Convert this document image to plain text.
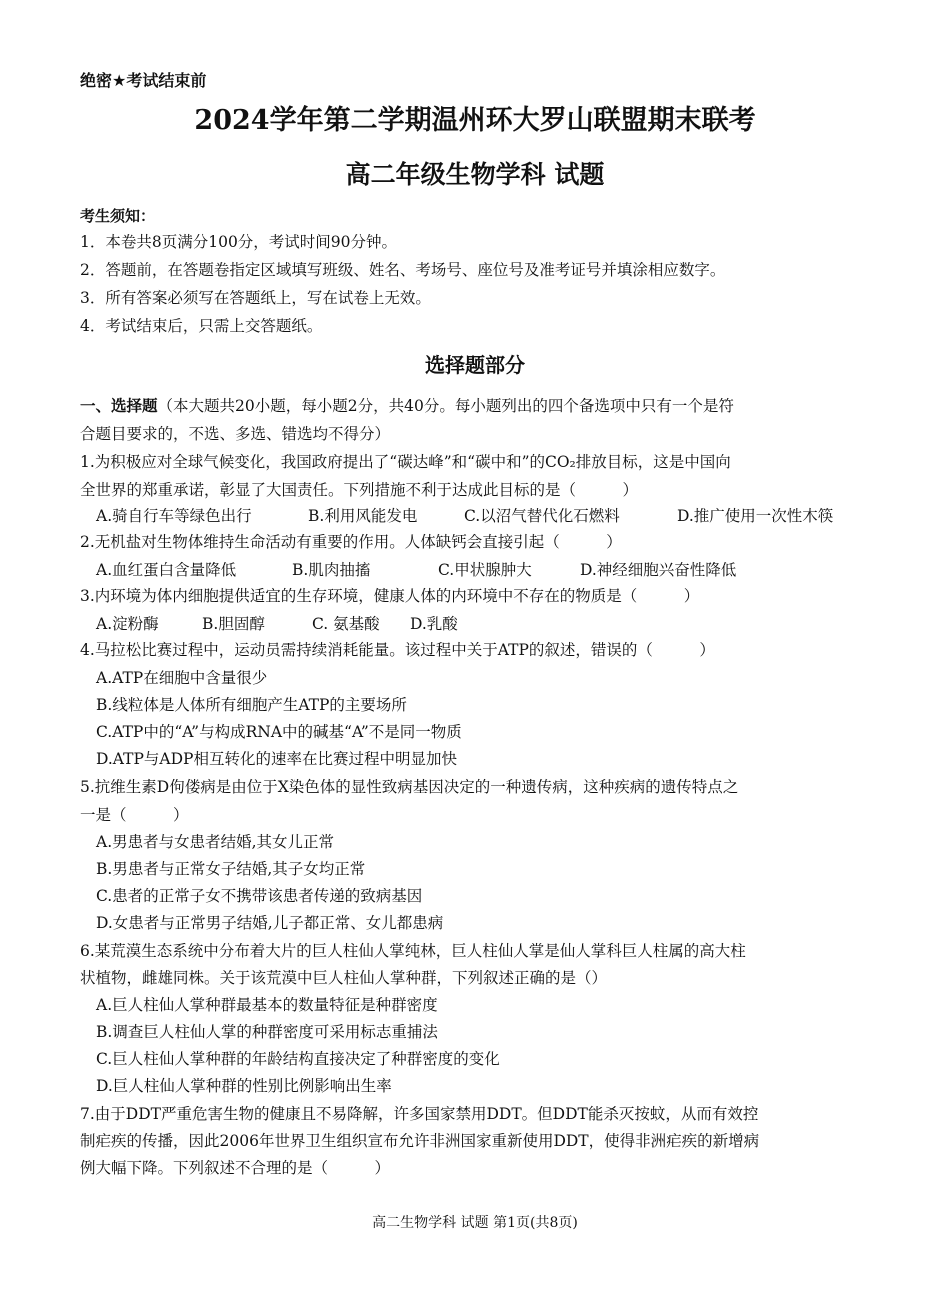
绝密★考试结束前
2024学年第二学期温州环大罗山联盟期末联考
高二年级生物学科 试题
考生须知：
1．本卷共8页满分100分，考试时间90分钟。
2．答题前，在答题卷指定区域填写班级、姓名、考场号、座位号及准考证号并填涂相应数字。
3．所有答案必须写在答题纸上，写在试卷上无效。
4．考试结束后，只需上交答题纸。
选择题部分
一、选择题（本大题共20小题，每小题2分，共40分。每小题列出的四个备选项中只有一个是符
合题目要求的，不选、多选、错选均不得分）
1.为积极应对全球气候变化，我国政府提出了“碳达峰”和“碳中和”的CO₂排放目标，这是中国向
全世界的郑重承诺，彰显了大国责任。下列措施不利于达成此目标的是（　　　）
A.骑自行车等绿色出行	B.利用风能发电	C.以沼气替代化石燃料	D.推广使用一次性木筷
2.无机盐对生物体维持生命活动有重要的作用。人体缺钙会直接引起（　　　）
A.血红蛋白含量降低	B.肌肉抽搐	C.甲状腺肿大	D.神经细胞兴奋性降低
3.内环境为体内细胞提供适宜的生存环境，健康人体的内环境中不存在的物质是（　　　）
A.淀粉酶	B.胆固醇	C. 氨基酸 D.乳酸
4.马拉松比赛过程中，运动员需持续消耗能量。该过程中关于ATP的叙述，错误的（　　　）
A.ATP在细胞中含量很少
B.线粒体是人体所有细胞产生ATP的主要场所
C.ATP中的“A”与构成RNA中的碱基“A”不是同一物质
D.ATP与ADP相互转化的速率在比赛过程中明显加快
5.抗维生素D佝偻病是由位于X染色体的显性致病基因决定的一种遗传病，这种疾病的遗传特点之
一是（　　　）
A.男患者与女患者结婚,其女儿正常
B.男患者与正常女子结婚,其子女均正常
C.患者的正常子女不携带该患者传递的致病基因
D.女患者与正常男子结婚,儿子都正常、女儿都患病
6.某荒漠生态系统中分布着大片的巨人柱仙人掌纯林，巨人柱仙人掌是仙人掌科巨人柱属的高大柱
状植物，雌雄同株。关于该荒漠中巨人柱仙人掌种群，下列叙述正确的是（）
A.巨人柱仙人掌种群最基本的数量特征是种群密度
B.调查巨人柱仙人掌的种群密度可采用标志重捕法
C.巨人柱仙人掌种群的年龄结构直接决定了种群密度的变化
D.巨人柱仙人掌种群的性别比例影响出生率
7.由于DDT严重危害生物的健康且不易降解，许多国家禁用DDT。但DDT能杀灭按蚊，从而有效控
制疟疾的传播，因此2006年世界卫生组织宣布允许非洲国家重新使用DDT，使得非洲疟疾的新增病
例大幅下降。下列叙述不合理的是（　　　）
高二生物学科 试题 第1页(共8页)
